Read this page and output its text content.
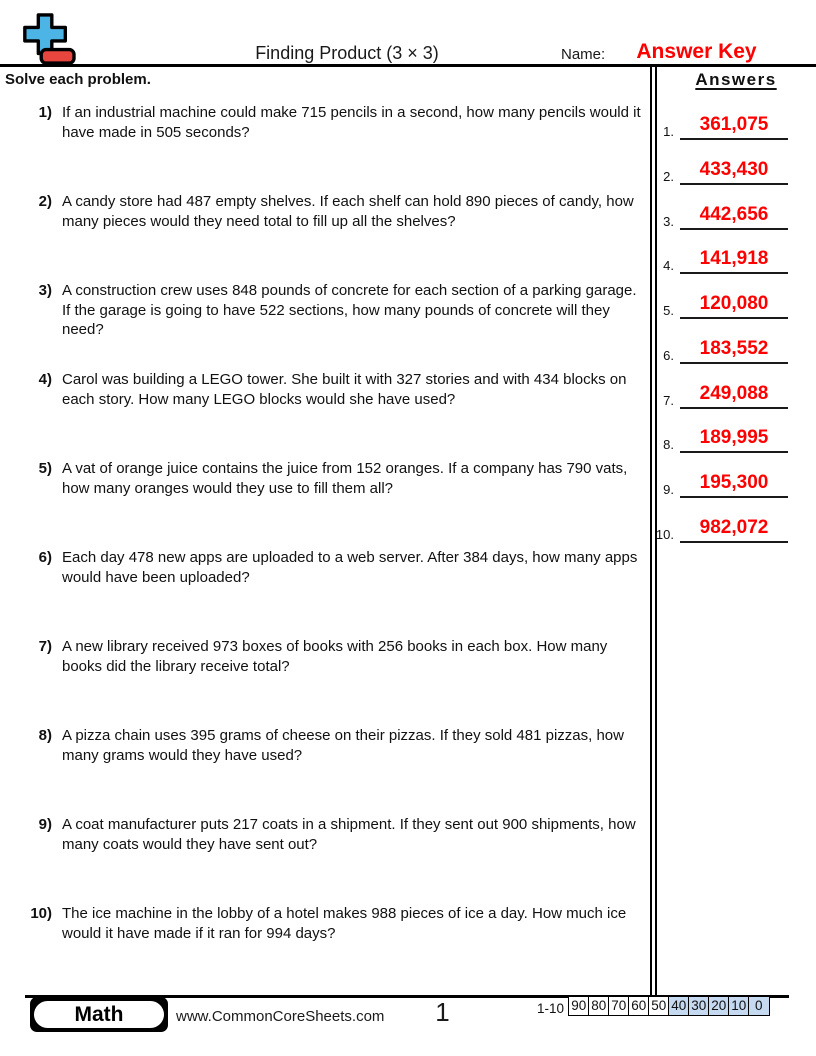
Finding Product (3 × 3)	Name:	Answer Key
Solve each problem.
1) If an industrial machine could make 715 pencils in a second, how many pencils would it have made in 505 seconds?
2) A candy store had 487 empty shelves. If each shelf can hold 890 pieces of candy, how many pieces would they need total to fill up all the shelves?
3) A construction crew uses 848 pounds of concrete for each section of a parking garage. If the garage is going to have 522 sections, how many pounds of concrete will they need?
4) Carol was building a LEGO tower. She built it with 327 stories and with 434 blocks on each story. How many LEGO blocks would she have used?
5) A vat of orange juice contains the juice from 152 oranges. If a company has 790 vats, how many oranges would they use to fill them all?
6) Each day 478 new apps are uploaded to a web server. After 384 days, how many apps would have been uploaded?
7) A new library received 973 boxes of books with 256 books in each box. How many books did the library receive total?
8) A pizza chain uses 395 grams of cheese on their pizzas. If they sold 481 pizzas, how many grams would they have used?
9) A coat manufacturer puts 217 coats in a shipment. If they sent out 900 shipments, how many coats would they have sent out?
10) The ice machine in the lobby of a hotel makes 988 pieces of ice a day. How much ice would it have made if it ran for 994 days?
Answers
1.	361,075
2.	433,430
3.	442,656
4.	141,918
5.	120,080
6.	183,552
7.	249,088
8.	189,995
9.	195,300
10.	982,072
Math	www.CommonCoreSheets.com	1	1-10 90 80 70 60 50 40 30 20 10 0
